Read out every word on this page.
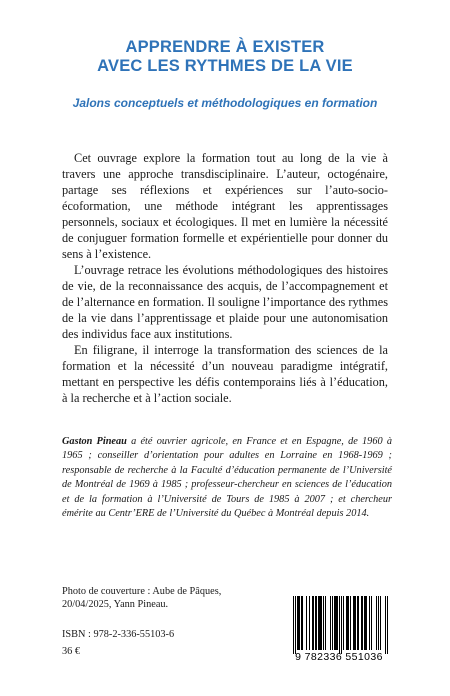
APPRENDRE À EXISTER
AVEC LES RYTHMES DE LA VIE
Jalons conceptuels et méthodologiques en formation

Cet ouvrage explore la formation tout au long de la vie à travers une approche transdisciplinaire. L’auteur, octogénaire, partage ses réflexions et expériences sur l’auto-socio-écoformation, une méthode intégrant les apprentissages personnels, sociaux et écologiques. Il met en lumière la nécessité de conjuguer formation formelle et expérientielle pour donner du sens à l’existence.

L’ouvrage retrace les évolutions méthodologiques des histoires de vie, de la reconnaissance des acquis, de l’accompagnement et de l’alternance en formation. Il souligne l’importance des rythmes de la vie dans l’apprentissage et plaide pour une autonomisation des individus face aux institutions.

En filigrane, il interroge la transformation des sciences de la formation et la nécessité d’un nouveau paradigme intégratif, mettant en perspective les défis contemporains liés à l’éducation, à la recherche et à l’action sociale.

Gaston Pineau a été ouvrier agricole, en France et en Espagne, de 1960 à 1965 ; conseiller d’orientation pour adultes en Lorraine en 1968-1969 ; responsable de recherche à la Faculté d’éducation permanente de l’Université de Montréal de 1969 à 1985 ; professeur-chercheur en sciences de l’éducation et de la formation à l’Université de Tours de 1985 à 2007 ; et chercheur émérite au Centr’ERE de l’Université du Québec à Montréal depuis 2014.
Photo de couverture : Aube de Pâques,
20/04/2025, Yann Pineau.
ISBN : 978-2-336-55103-6
36 €	9 782336 551036
